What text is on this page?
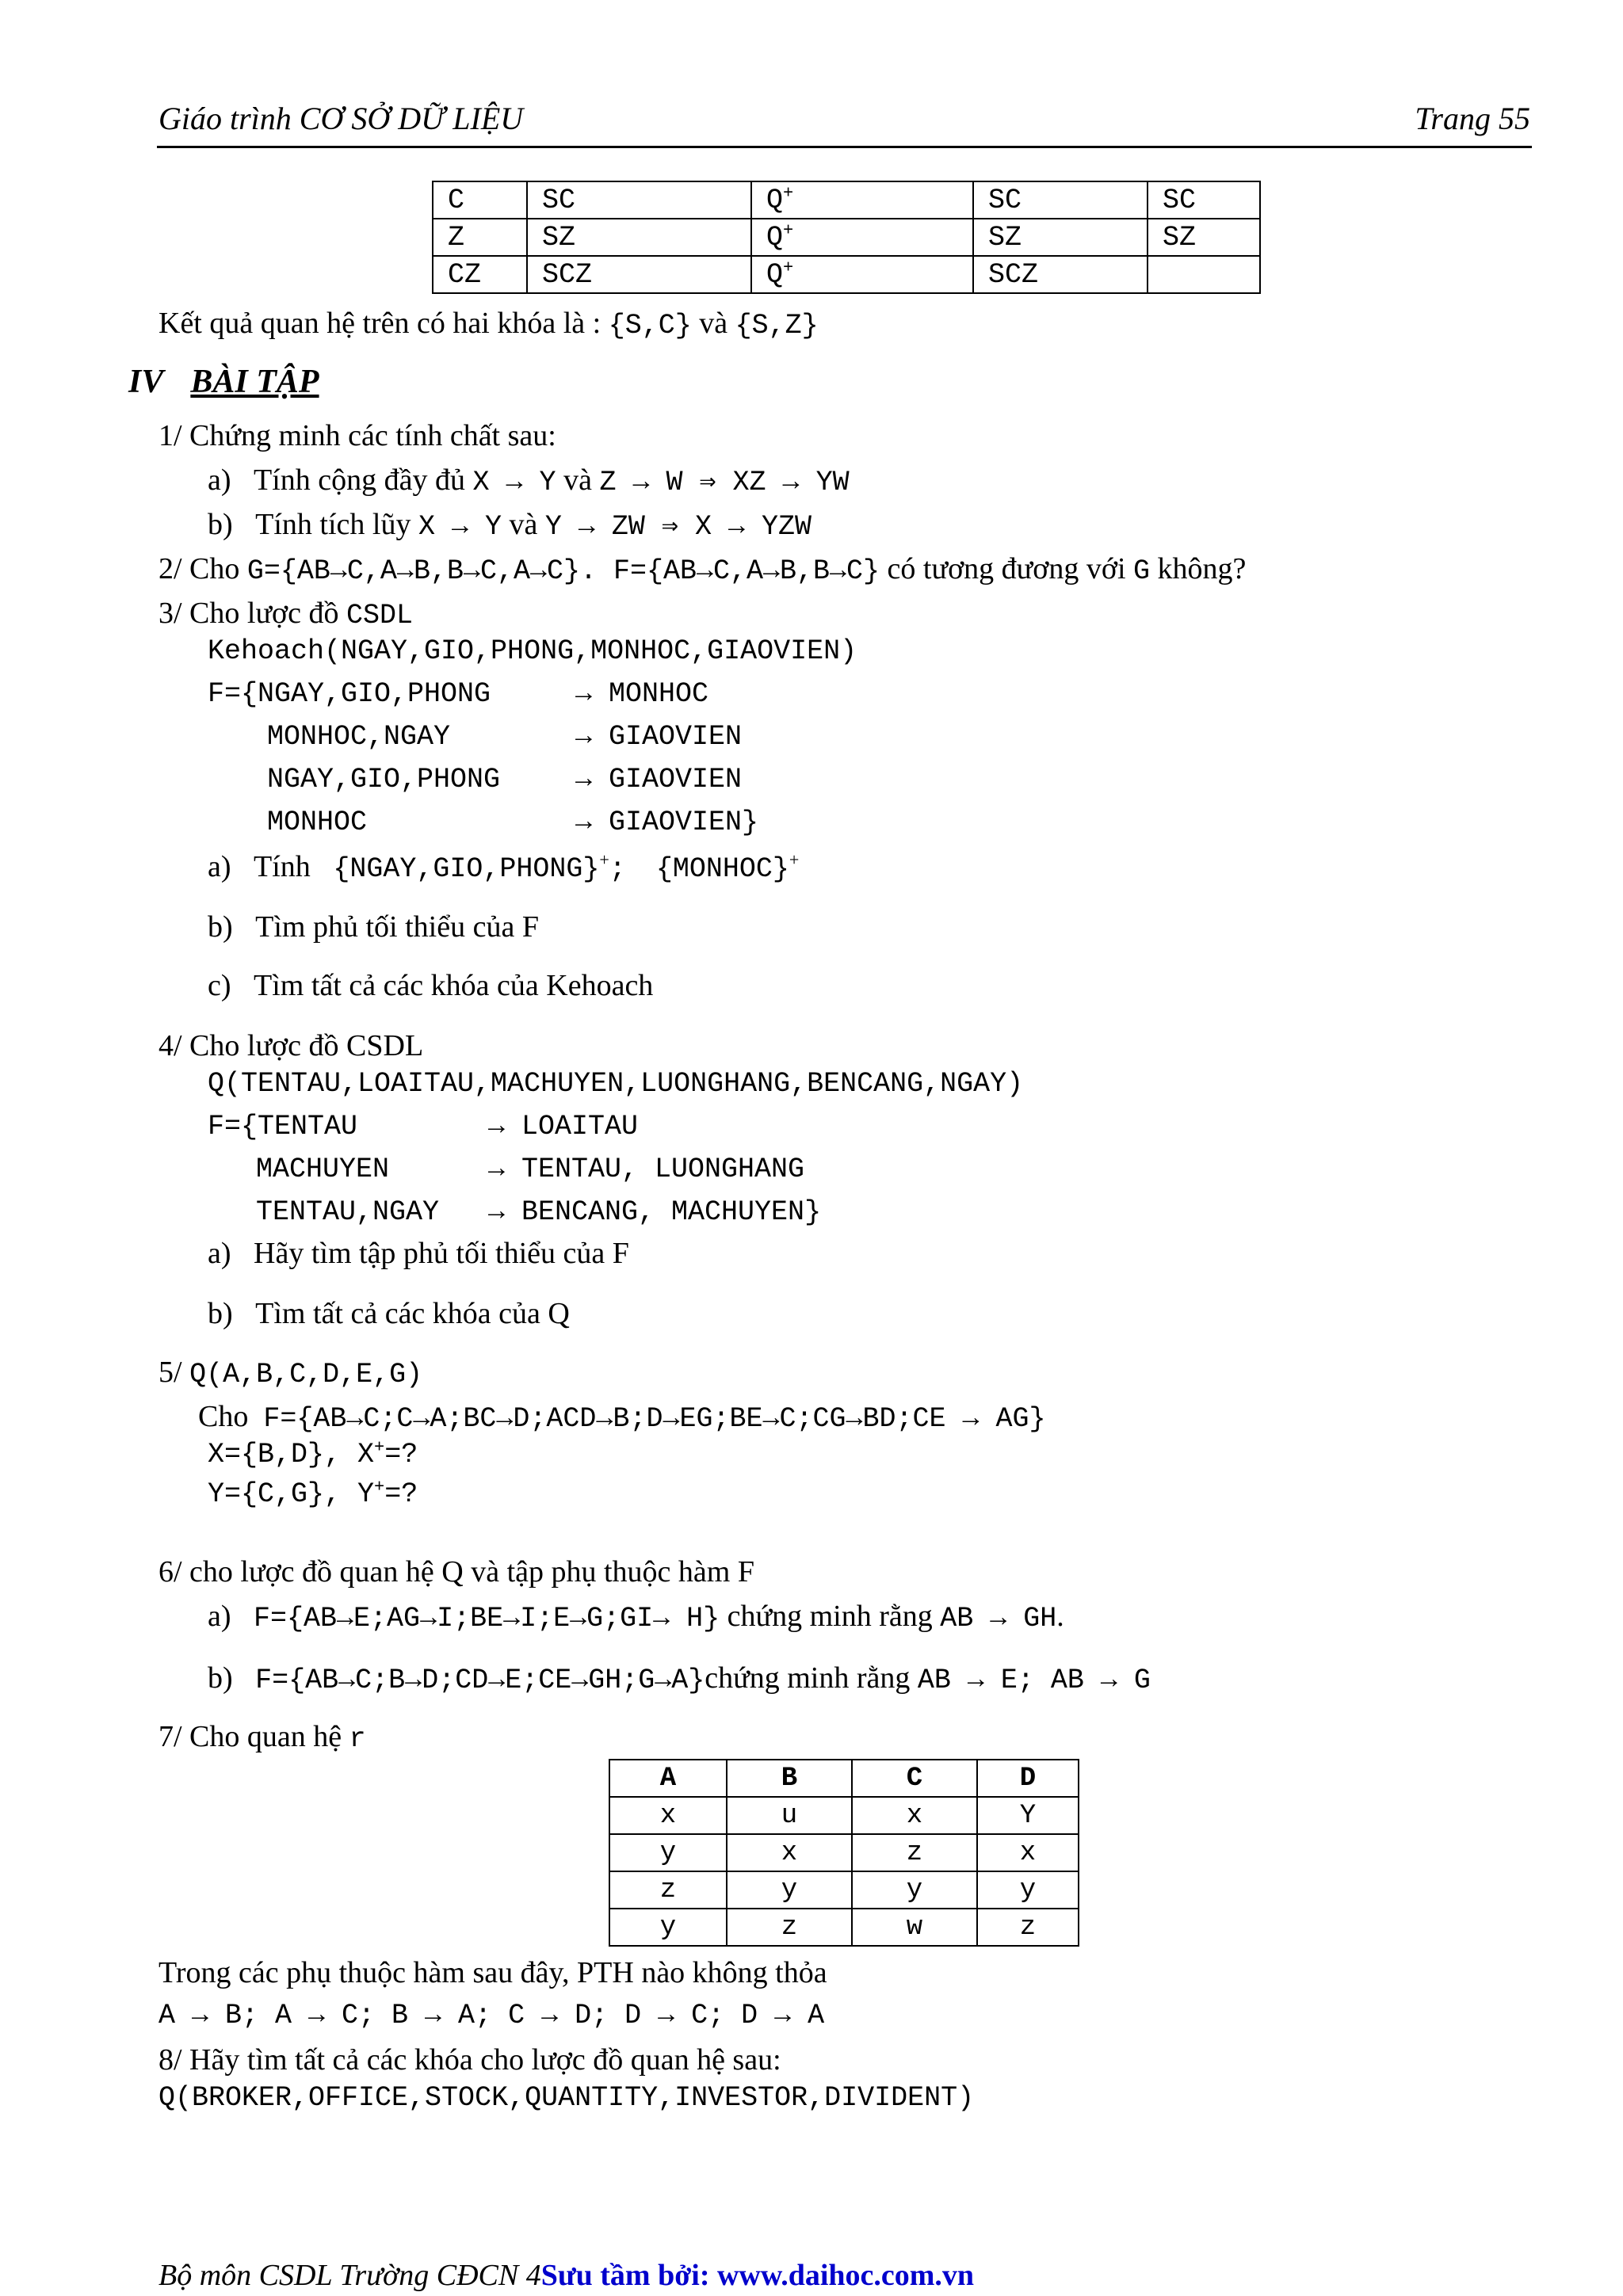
Giáo trình CƠ SỞ DỮ LIỆU	Trang 55
C	SC	Q+	SC	SC
Z	SZ	Q+	SZ	SZ
CZ	SCZ	Q+	SCZ	
Kết quả quan hệ trên có hai khóa là : {S,C} và {S,Z}
IV BÀI TẬP
1/ Chứng minh các tính chất sau:
a) Tính cộng đầy đủ X → Y và Z → W ⇒ XZ → YW
b) Tính tích lũy X → Y và Y → ZW ⇒ X → YZW
2/ Cho G={AB→C,A→B,B→C,A→C}. F={AB→C,A→B,B→C} có tương đương với G không?
3/ Cho lược đồ CSDL
Kehoach(NGAY,GIO,PHONG,MONHOC,GIAOVIEN)
F={NGAY,GIO,PHONG	→ MONHOC
MONHOC,NGAY	→ GIAOVIEN
NGAY,GIO,PHONG	→ GIAOVIEN
MONHOC	→ GIAOVIEN}
a) Tính {NGAY,GIO,PHONG}+; {MONHOC}+
b) Tìm phủ tối thiểu của F
c) Tìm tất cả các khóa của Kehoach
4/ Cho lược đồ CSDL
Q(TENTAU,LOAITAU,MACHUYEN,LUONGHANG,BENCANG,NGAY)
F={TENTAU	→ LOAITAU
MACHUYEN	→ TENTAU, LUONGHANG
TENTAU,NGAY → BENCANG, MACHUYEN}
a) Hãy tìm tập phủ tối thiểu của F
b) Tìm tất cả các khóa của Q
5/ Q(A,B,C,D,E,G)
Cho  F={AB→C;C→A;BC→D;ACD→B;D→EG;BE→C;CG→BD;CE → AG}
X={B,D}, X+=?
Y={C,G}, Y+=?
6/ cho lược đồ quan hệ Q và tập phụ thuộc hàm F
a) F={AB→E;AG→I;BE→I;E→G;GI→ H} chứng minh rằng AB → GH.
b) F={AB→C;B→D;CD→E;CE→GH;G→A}chứng minh rằng AB → E; AB → G
7/ Cho quan hệ r
A	B	C	D
x	u	x	Y
y	x	z	x
z	y	y	y
y	z	w	z
Trong các phụ thuộc hàm sau đây, PTH nào không thỏa
A → B; A → C; B → A; C → D; D → C; D → A
8/ Hãy tìm tất cả các khóa cho lược đồ quan hệ sau:
Q(BROKER,OFFICE,STOCK,QUANTITY,INVESTOR,DIVIDENT)
Bộ môn CSDL Trường CĐCN 4Sưu tầm bởi: www.daihoc.com.vn
